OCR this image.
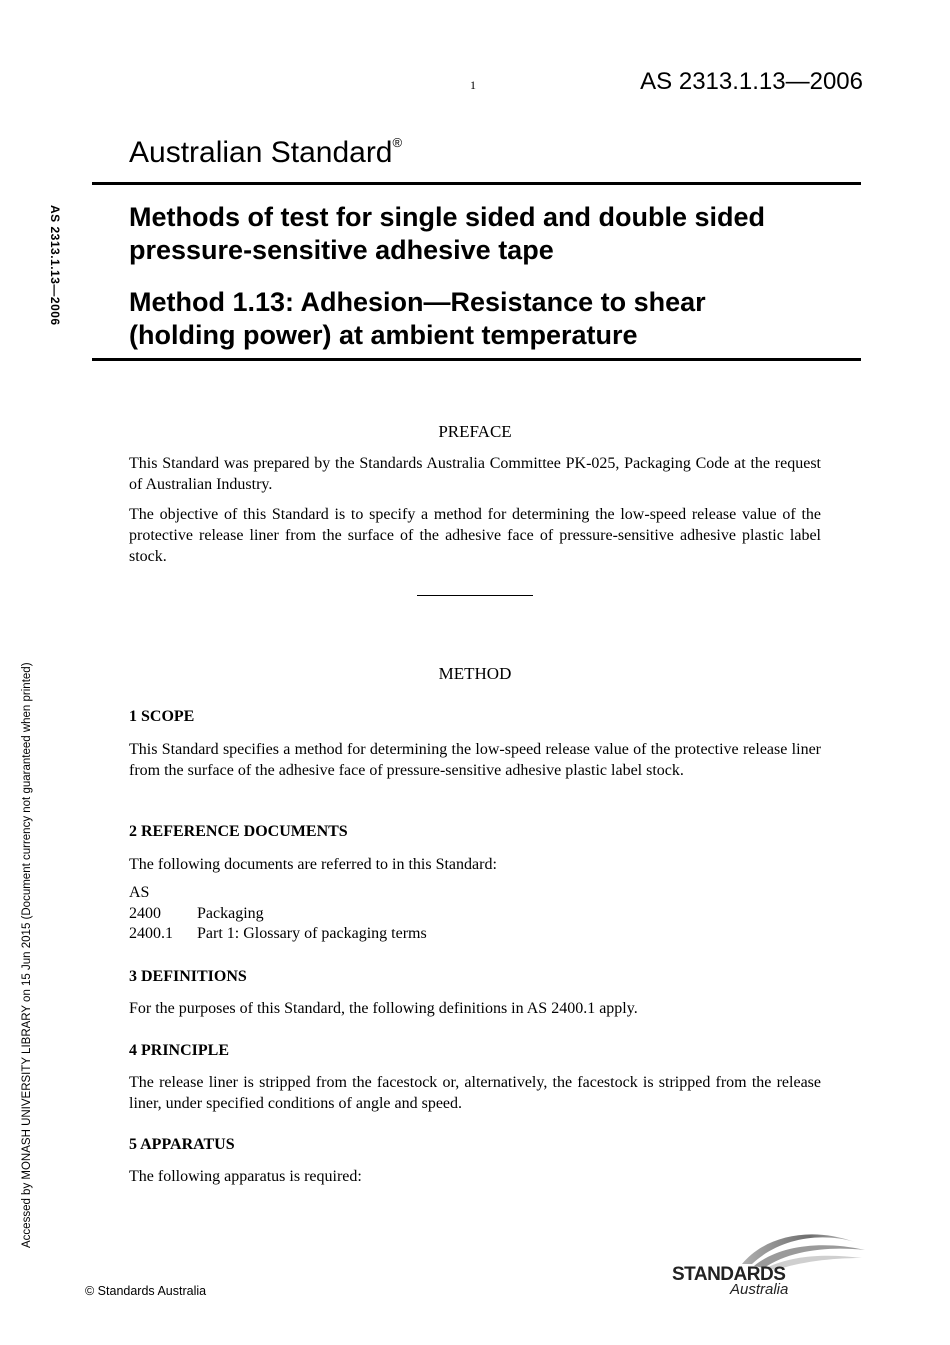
1	AS 2313.1.13—2006
Australian Standard®
AS 2313.1.13—2006 Methods of test for single sided and double sided
pressure-sensitive adhesive tape
Method 1.13: Adhesion—Resistance to shear
(holding power) at ambient temperature
PREFACE
This Standard was prepared by the Standards Australia Committee PK-025, Packaging Code at the request of Australian Industry.
The objective of this Standard is to specify a method for determining the low-speed release value of the protective release liner from the surface of the adhesive face of pressure-sensitive adhesive plastic label stock.
METHOD
1 SCOPE
This Standard specifies a method for determining the low-speed release value of the protective release liner from the surface of the adhesive face of pressure-sensitive adhesive plastic label stock.
2 REFERENCE DOCUMENTS
The following documents are referred to in this Standard:
AS
2400 Packaging
2400.1 Part 1: Glossary of packaging terms
3 DEFINITIONS
For the purposes of this Standard, the following definitions in AS 2400.1 apply.
4 PRINCIPLE
The release liner is stripped from the facestock or, alternatively, the facestock is stripped from the release liner, under specified conditions of angle and speed.
5 APPARATUS
The following apparatus is required:
Accessed by MONASH UNIVERSITY LIBRARY on 15 Jun 2015 (Document currency not guaranteed when printed)
© Standards Australia
STANDARDS
Australia
